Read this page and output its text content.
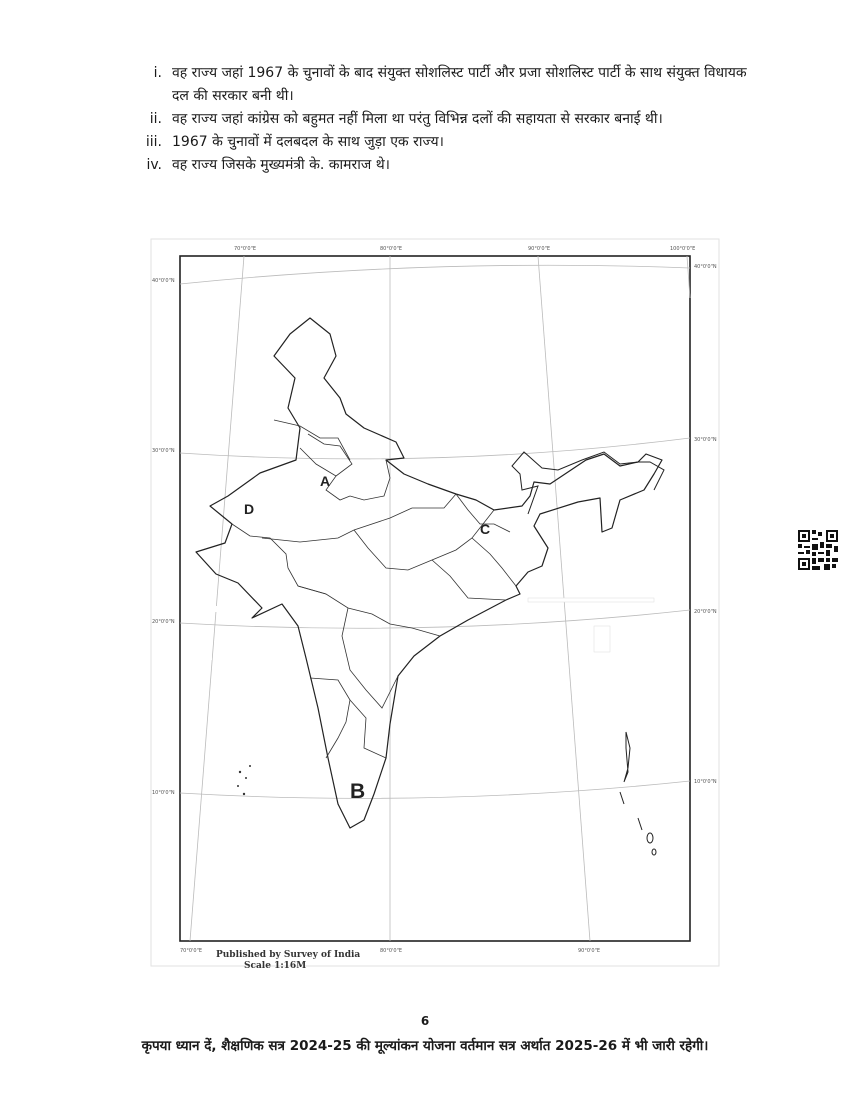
i. वह राज्य जहां 1967 के चुनावों के बाद संयुक्त सोशलिस्ट पार्टी और प्रजा सोशलिस्ट पार्टी के साथ संयुक्त विधायक दल की सरकार बनी थी।
ii. वह राज्य जहां कांग्रेस को बहुमत नहीं मिला था परंतु विभिन्न दलों की सहायता से सरकार बनाई थी।
iii. 1967 के चुनावों में दलबदल के साथ जुड़ा एक राज्य।
iv. वह राज्य जिसके मुख्यमंत्री के. कामराज थे।
70°0'0"E	80°0'0"E	90°0'0"E	100°0'0"E
70°0'0"E	80°0'0"E	90°0'0"E
40°0'0"N
30°0'0"N
20°0'0"N
10°0'0"N
40°0'0"N
30°0'0"N
20°0'0"N
10°0'0"N
A
B
C
D
Published by Survey of India
Scale 1:16M
6
कृपया ध्यान दें, शैक्षणिक सत्र 2024-25 की मूल्यांकन योजना वर्तमान सत्र अर्थात 2025-26 में भी जारी रहेगी।
